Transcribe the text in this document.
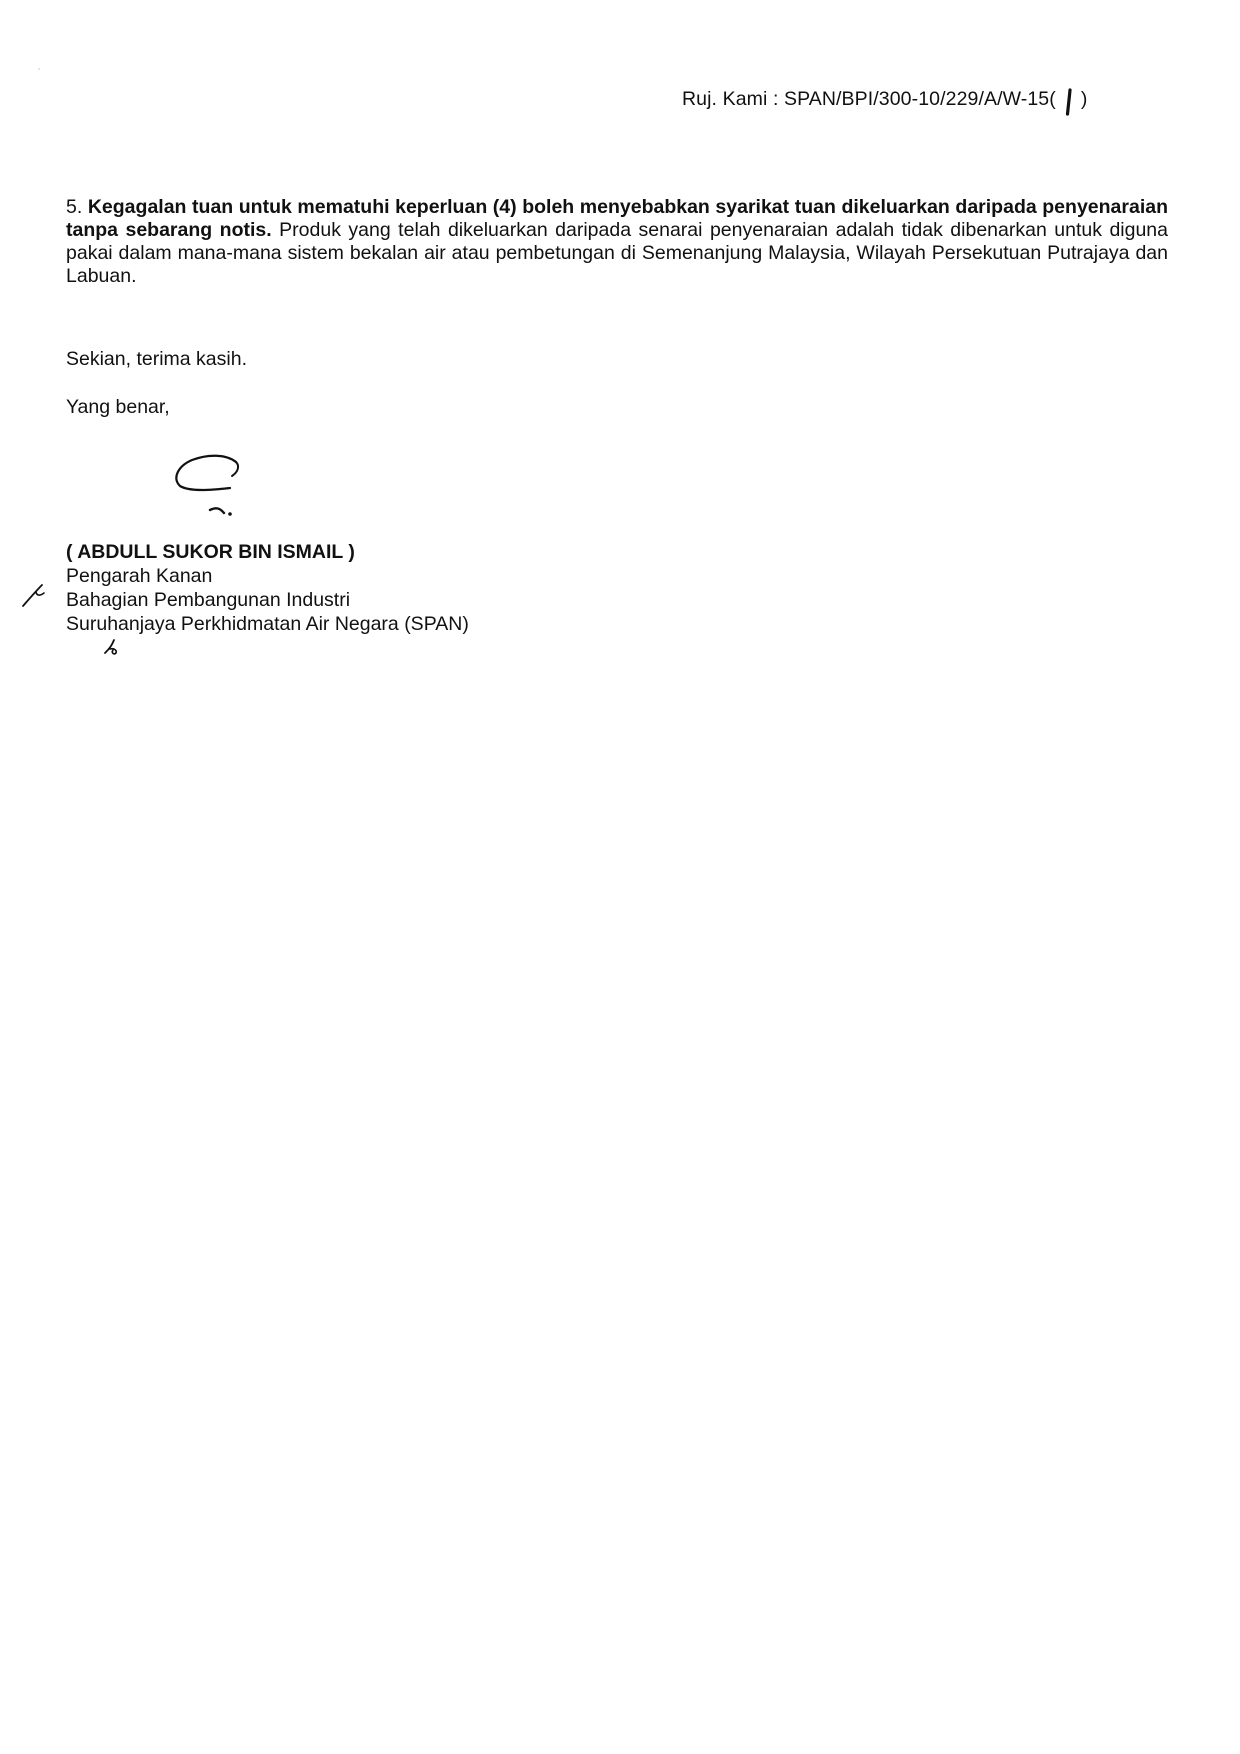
Ruj. Kami : SPAN/BPI/300-10/229/A/W-15( )
5. Kegagalan tuan untuk mematuhi keperluan (4) boleh menyebabkan syarikat tuan dikeluarkan daripada penyenaraian tanpa sebarang notis. Produk yang telah dikeluarkan daripada senarai penyenaraian adalah tidak dibenarkan untuk diguna pakai dalam mana-mana sistem bekalan air atau pembetungan di Semenanjung Malaysia, Wilayah Persekutuan Putrajaya dan Labuan.
Sekian, terima kasih.
Yang benar,
( ABDULL SUKOR BIN ISMAIL )
Pengarah Kanan
Bahagian Pembangunan Industri
Suruhanjaya Perkhidmatan Air Negara (SPAN)
